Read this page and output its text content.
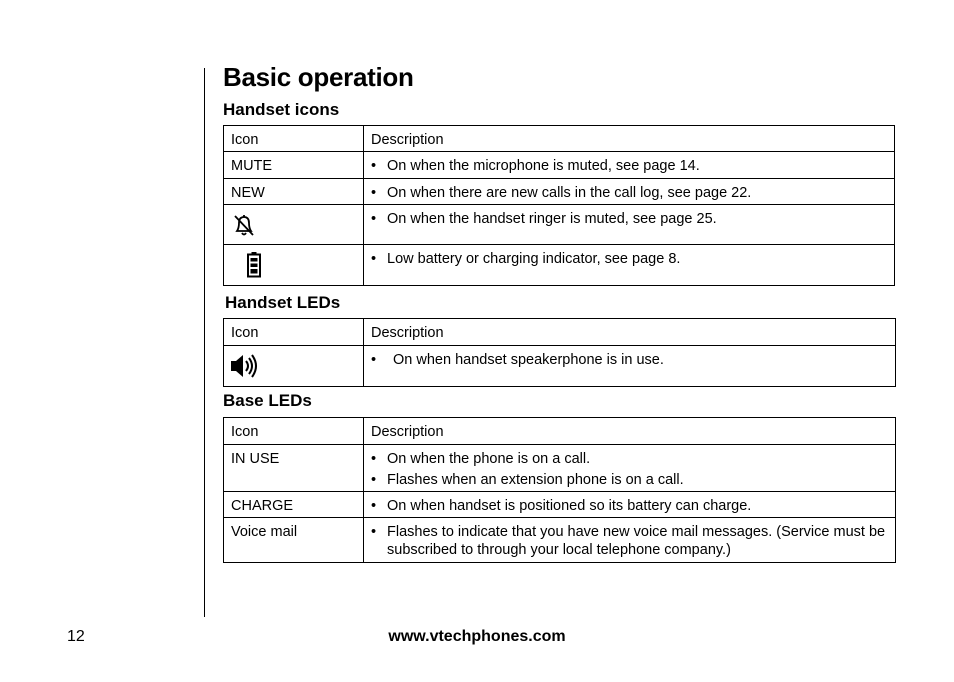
Basic operation
Handset icons
Icon	Description
MUTE	• On when the microphone is muted, see page 14.

NEW	• On when there are new calls in the call log, see page 22.

• On when the handset ringer is muted, see page 25.

• Low battery or charging indicator, see page 8.
Handset LEDs
Icon	Description

• On when handset speakerphone is in use.
Base LEDs
Icon	Description
IN USE	• On when the phone is on a call.
• Flashes when an extension phone is on a call.

CHARGE	• On when handset is positioned so its battery can charge.

Voice mail	• Flashes to indicate that you have new voice mail messages. (Service must be subscribed to through your local telephone company.)
12	www.vtechphones.com
